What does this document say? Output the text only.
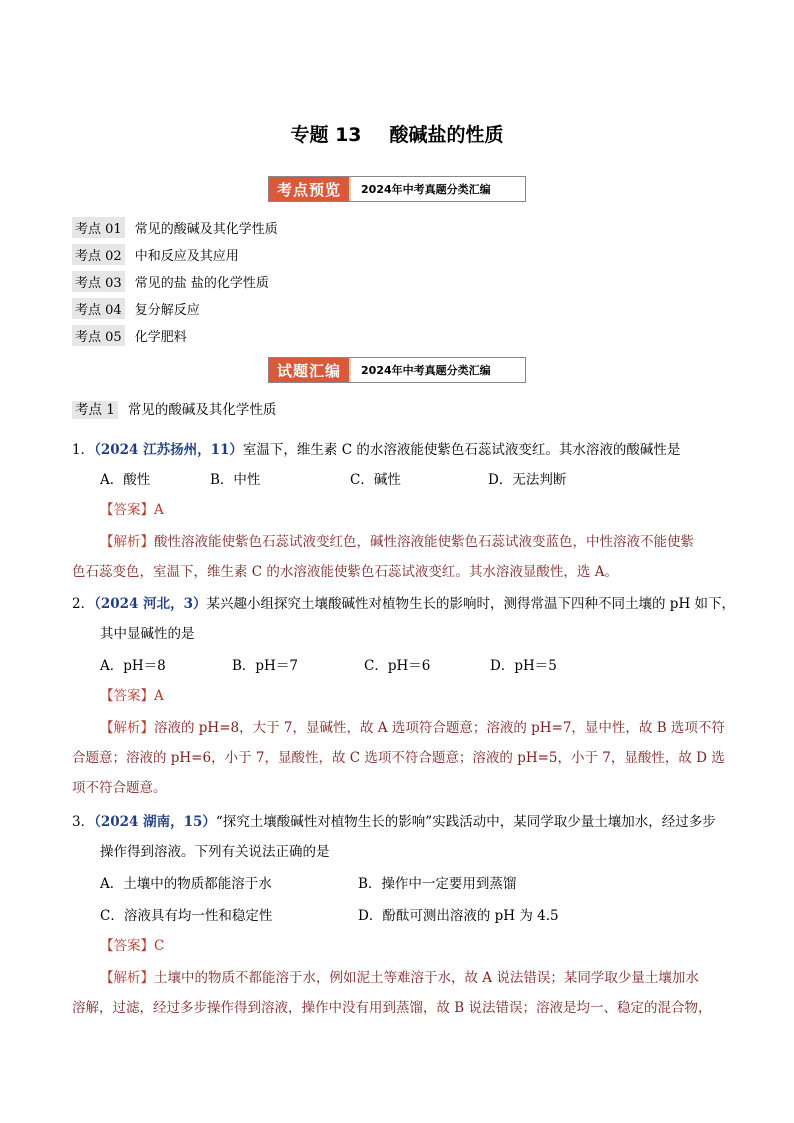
专题 13 酸碱盐的性质
考点预览	2024年中考真题分类汇编
考点 01 常见的酸碱及其化学性质
考点 02 中和反应及其应用
考点 03 常见的盐 盐的化学性质
考点 04 复分解反应
考点 05 化学肥料
试题汇编	2024年中考真题分类汇编
考点 1 常见的酸碱及其化学性质
1．（2024 江苏扬州，11）室温下，维生素 C 的水溶液能使紫色石蕊试液变红。其水溶液的酸碱性是
A．酸性	B．中性	C．碱性	D．无法判断
【答案】A
【解析】酸性溶液能使紫色石蕊试液变红色，碱性溶液能使紫色石蕊试液变蓝色，中性溶液不能使紫
色石蕊变色，室温下，维生素 C 的水溶液能使紫色石蕊试液变红。其水溶液显酸性，选 A。
2．（2024 河北，3）某兴趣小组探究土壤酸碱性对植物生长的影响时，测得常温下四种不同土壤的 pH 如下，
其中显碱性的是
A．pH＝8	B．pH＝7	C．pH＝6	D．pH＝5
【答案】A
【解析】溶液的 pH=8，大于 7，显碱性，故 A 选项符合题意；溶液的 pH=7，显中性，故 B 选项不符
合题意；溶液的 pH=6，小于 7，显酸性，故 C 选项不符合题意；溶液的 pH=5，小于 7，显酸性，故 D 选
项不符合题意。
3．（2024 湖南，15）“探究土壤酸碱性对植物生长的影响”实践活动中，某同学取少量土壤加水，经过多步
操作得到溶液。下列有关说法正确的是
A．土壤中的物质都能溶于水	B．操作中一定要用到蒸馏
C．溶液具有均一性和稳定性	D．酚酞可测出溶液的 pH 为 4.5
【答案】C
【解析】土壤中的物质不都能溶于水，例如泥土等难溶于水，故 A 说法错误；某同学取少量土壤加水
溶解，过滤，经过多步操作得到溶液，操作中没有用到蒸馏，故 B 说法错误；溶液是均一、稳定的混合物，
